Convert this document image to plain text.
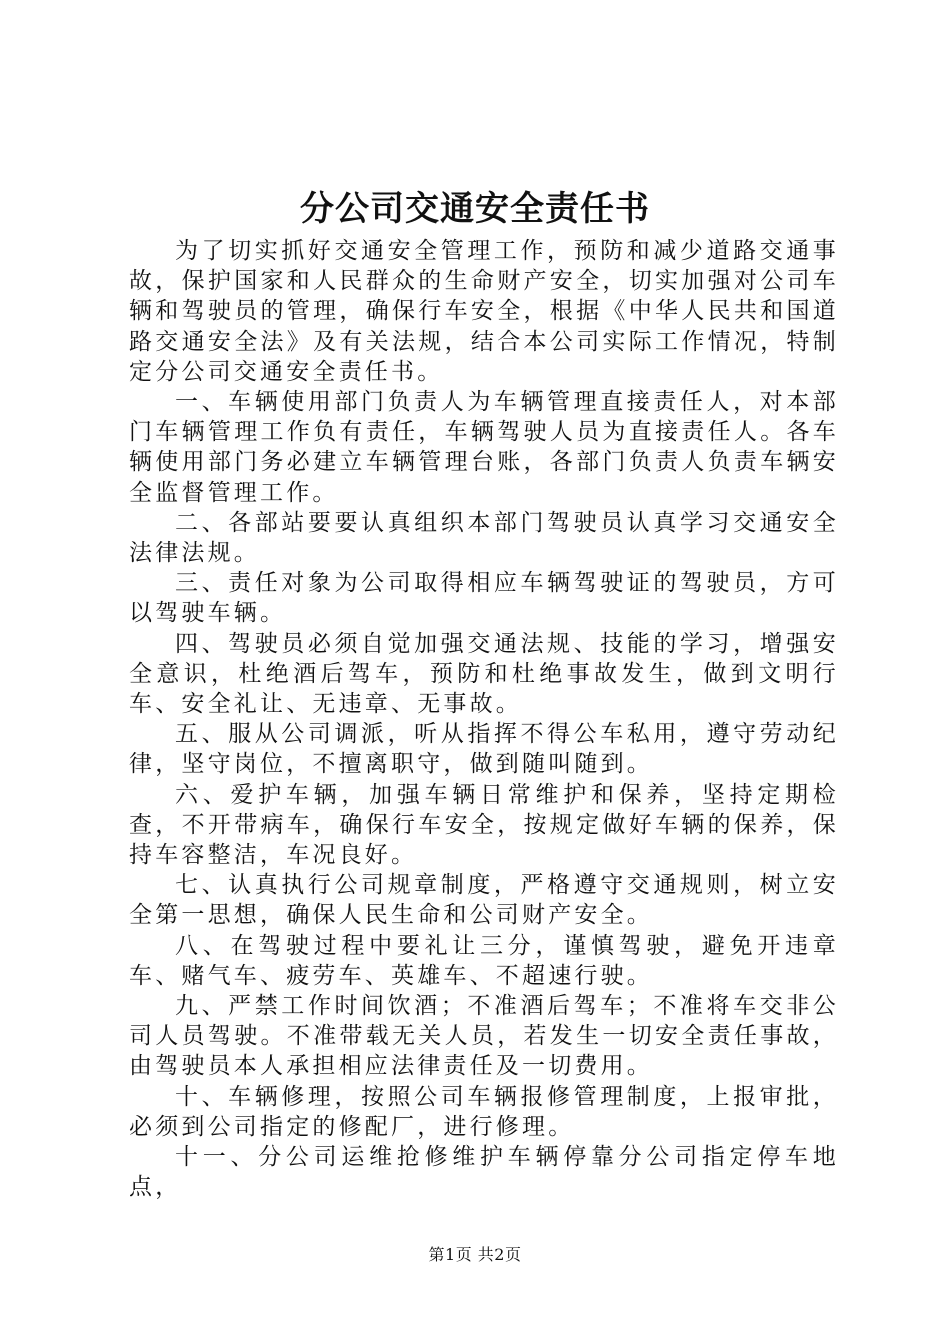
分公司交通安全责任书

为了切实抓好交通安全管理工作，预防和减少道路交通事故，保护国家和人民群众的生命财产安全，切实加强对公司车辆和驾驶员的管理，确保行车安全，根据《中华人民共和国道路交通安全法》及有关法规，结合本公司实际工作情况，特制定分公司交通安全责任书。

一、车辆使用部门负责人为车辆管理直接责任人，对本部门车辆管理工作负有责任，车辆驾驶人员为直接责任人。各车辆使用部门务必建立车辆管理台账，各部门负责人负责车辆安全监督管理工作。

二、各部站要要认真组织本部门驾驶员认真学习交通安全法律法规。

三、责任对象为公司取得相应车辆驾驶证的驾驶员，方可以驾驶车辆。

四、驾驶员必须自觉加强交通法规、技能的学习，增强安全意识，杜绝酒后驾车，预防和杜绝事故发生，做到文明行车、安全礼让、无违章、无事故。

五、服从公司调派，听从指挥不得公车私用，遵守劳动纪律，坚守岗位，不擅离职守，做到随叫随到。

六、爱护车辆，加强车辆日常维护和保养，坚持定期检查，不开带病车，确保行车安全，按规定做好车辆的保养，保持车容整洁，车况良好。

七、认真执行公司规章制度，严格遵守交通规则，树立安全第一思想，确保人民生命和公司财产安全。

八、在驾驶过程中要礼让三分，谨慎驾驶，避免开违章车、赌气车、疲劳车、英雄车、不超速行驶。

九、严禁工作时间饮酒；不准酒后驾车；不准将车交非公司人员驾驶。不准带载无关人员，若发生一切安全责任事故，由驾驶员本人承担相应法律责任及一切费用。

十、车辆修理，按照公司车辆报修管理制度，上报审批，必须到公司指定的修配厂，进行修理。

十一、分公司运维抢修维护车辆停靠分公司指定停车地点，

第1页 共2页
